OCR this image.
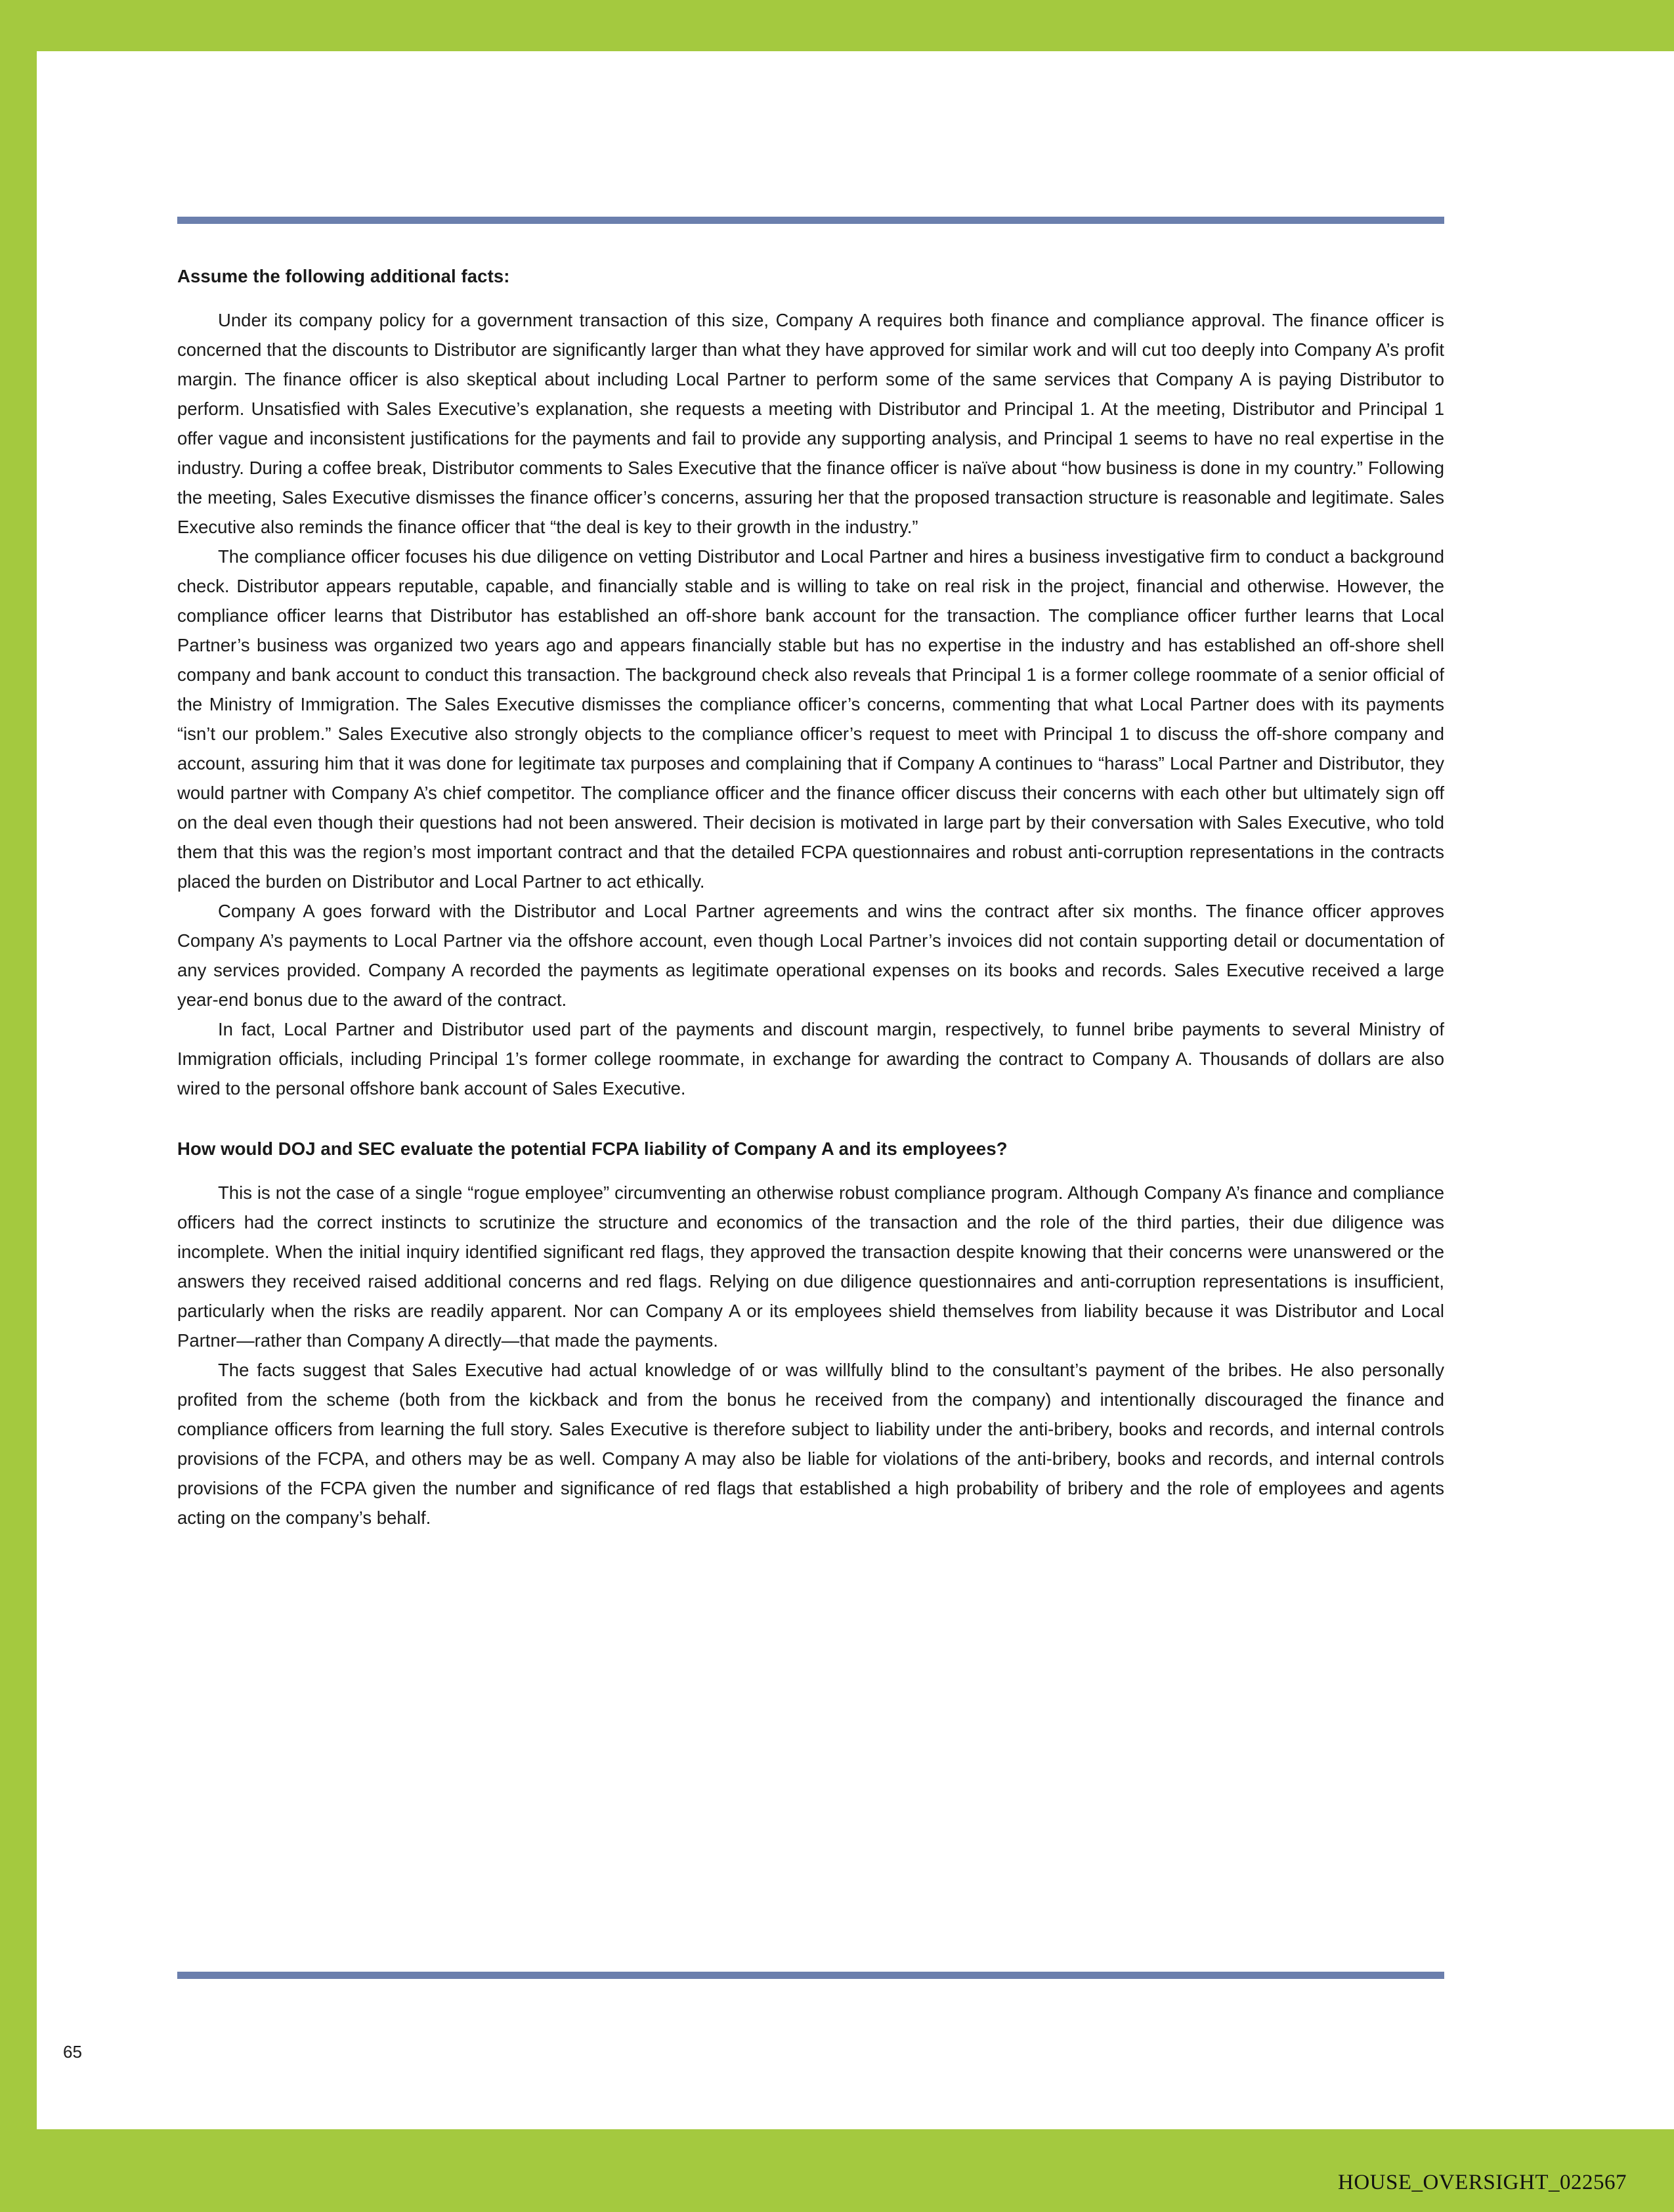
Assume the following additional facts:

Under its company policy for a government transaction of this size, Company A requires both finance and compliance approval. The finance officer is concerned that the discounts to Distributor are significantly larger than what they have approved for similar work and will cut too deeply into Company A’s profit margin. The finance officer is also skeptical about including Local Partner to perform some of the same services that Company A is paying Distributor to perform. Unsatisfied with Sales Executive’s explanation, she requests a meeting with Distributor and Principal 1. At the meeting, Distributor and Principal 1 offer vague and inconsistent justifications for the payments and fail to provide any supporting analysis, and Principal 1 seems to have no real expertise in the industry. During a coffee break, Distributor comments to Sales Executive that the finance officer is naïve about “how business is done in my country.” Following the meeting, Sales Executive dismisses the finance officer’s concerns, assuring her that the proposed transaction structure is reasonable and legitimate. Sales Executive also reminds the finance officer that “the deal is key to their growth in the industry.”

The compliance officer focuses his due diligence on vetting Distributor and Local Partner and hires a business investigative firm to conduct a background check. Distributor appears reputable, capable, and financially stable and is willing to take on real risk in the project, financial and otherwise. However, the compliance officer learns that Distributor has established an off-shore bank account for the transaction. The compliance officer further learns that Local Partner’s business was organized two years ago and appears financially stable but has no expertise in the industry and has established an off-shore shell company and bank account to conduct this transaction. The background check also reveals that Principal 1 is a former college roommate of a senior official of the Ministry of Immigration. The Sales Executive dismisses the compliance officer’s concerns, commenting that what Local Partner does with its payments “isn’t our problem.” Sales Executive also strongly objects to the compliance officer’s request to meet with Principal 1 to discuss the off-shore company and account, assuring him that it was done for legitimate tax purposes and complaining that if Company A continues to “harass” Local Partner and Distributor, they would partner with Company A’s chief competitor. The compliance officer and the finance officer discuss their concerns with each other but ultimately sign off on the deal even though their questions had not been answered. Their decision is motivated in large part by their conversation with Sales Executive, who told them that this was the region’s most important contract and that the detailed FCPA questionnaires and robust anti-corruption representations in the contracts placed the burden on Distributor and Local Partner to act ethically.

Company A goes forward with the Distributor and Local Partner agreements and wins the contract after six months. The finance officer approves Company A’s payments to Local Partner via the offshore account, even though Local Partner’s invoices did not contain supporting detail or documentation of any services provided. Company A recorded the payments as legitimate operational expenses on its books and records. Sales Executive received a large year-end bonus due to the award of the contract.

In fact, Local Partner and Distributor used part of the payments and discount margin, respectively, to funnel bribe payments to several Ministry of Immigration officials, including Principal 1’s former college roommate, in exchange for awarding the contract to Company A. Thousands of dollars are also wired to the personal offshore bank account of Sales Executive.

How would DOJ and SEC evaluate the potential FCPA liability of Company A and its employees?

This is not the case of a single “rogue employee” circumventing an otherwise robust compliance program. Although Company A’s finance and compliance officers had the correct instincts to scrutinize the structure and economics of the transaction and the role of the third parties, their due diligence was incomplete. When the initial inquiry identified significant red flags, they approved the transaction despite knowing that their concerns were unanswered or the answers they received raised additional concerns and red flags. Relying on due diligence questionnaires and anti-corruption representations is insufficient, particularly when the risks are readily apparent. Nor can Company A or its employees shield themselves from liability because it was Distributor and Local Partner—rather than Company A directly—that made the payments.

The facts suggest that Sales Executive had actual knowledge of or was willfully blind to the consultant’s payment of the bribes. He also personally profited from the scheme (both from the kickback and from the bonus he received from the company) and intentionally discouraged the finance and compliance officers from learning the full story. Sales Executive is therefore subject to liability under the anti-bribery, books and records, and internal controls provisions of the FCPA, and others may be as well. Company A may also be liable for violations of the anti-bribery, books and records, and internal controls provisions of the FCPA given the number and significance of red flags that established a high probability of bribery and the role of employees and agents acting on the company’s behalf.

65
HOUSE_OVERSIGHT_022567
